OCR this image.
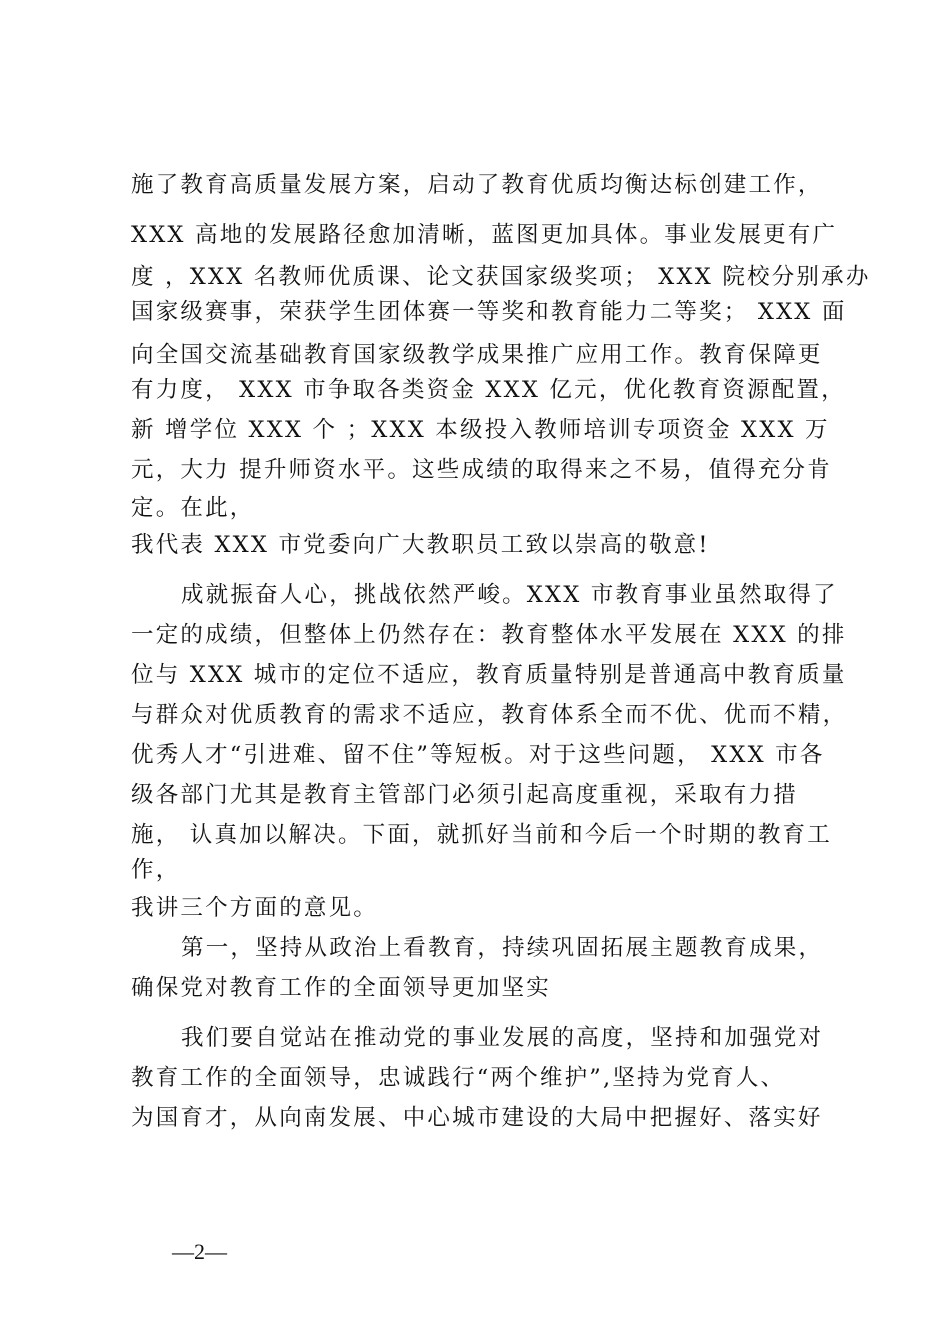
施了教育高质量发展方案，启动了教育优质均衡达标创建工作，
XXX 高地的发展路径愈加清晰，蓝图更加具体。事业发展更有广
度 ，XXX 名教师优质课、论文获国家级奖项； XXX 院校分别承办
国家级赛事，荣获学生团体赛一等奖和教育能力二等奖； XXX 面
向全国交流基础教育国家级教学成果推广应用工作。教育保障更
有力度， XXX 市争取各类资金 XXX 亿元，优化教育资源配置，
新 增学位 XXX 个 ；XXX 本级投入教师培训专项资金 XXX 万
元，大力 提升师资水平。这些成绩的取得来之不易，值得充分肯
定。在此，
我代表 XXX 市党委向广大教职员工致以崇高的敬意!
成就振奋人心，挑战依然严峻。XXX 市教育事业虽然取得了
一定的成绩，但整体上仍然存在：教育整体水平发展在 XXX 的排
位与 XXX 城市的定位不适应，教育质量特别是普通高中教育质量
与群众对优质教育的需求不适应，教育体系全而不优、优而不精，
优秀人才“引进难、留不住”等短板。对于这些问题， XXX 市各
级各部门尤其是教育主管部门必须引起高度重视，采取有力措
施， 认真加以解决。下面，就抓好当前和今后一个时期的教育工
作，
我讲三个方面的意见。
第一，坚持从政治上看教育，持续巩固拓展主题教育成果，
确保党对教育工作的全面领导更加坚实
我们要自觉站在推动党的事业发展的高度，坚持和加强党对
教育工作的全面领导，忠诚践行“两个维护”,坚持为党育人、
为国育才，从向南发展、中心城市建设的大局中把握好、落实好
—2—
